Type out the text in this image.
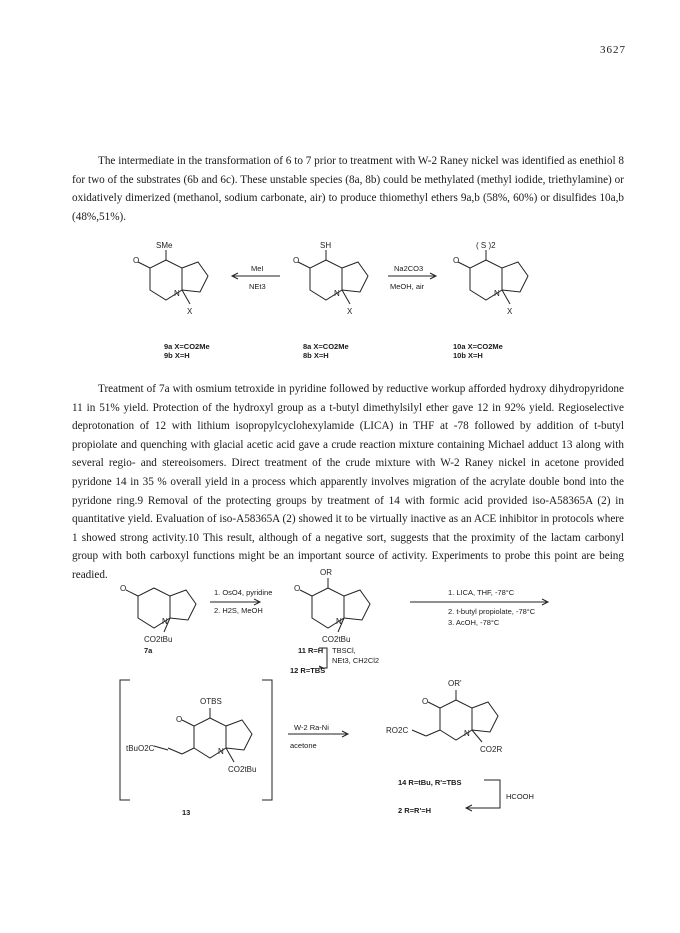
3627

The intermediate in the transformation of 6 to 7 prior to treatment with W-2 Raney nickel was identified as enethiol 8 for two of the substrates (6b and 6c). These unstable species (8a, 8b) could be methylated (methyl iodide, triethylamine) or oxidatively dimerized (methanol, sodium carbonate, air) to produce thiomethyl ethers 9a,b (58%, 60%) or disulfides 10a,b (48%,51%).

O
N
X
SMe
O
N
X
SH
O
N
X
( S )2
MeI
NEt3
Na2CO3
MeOH, air
9a X=CO2Me
9b X=H
8a X=CO2Me
8b X=H
10a X=CO2Me
10b X=H

Treatment of 7a with osmium tetroxide in pyridine followed by reductive workup afforded hydroxy dihydropyridone 11 in 51% yield. Protection of the hydroxyl group as a t-butyl dimethylsilyl ether gave 12 in 92% yield. Regioselective deprotonation of 12 with lithium isopropylcyclohexylamide (LICA) in THF at -78 followed by addition of t-butyl propiolate and quenching with glacial acetic acid gave a crude reaction mixture containing Michael adduct 13 along with several regio- and stereoisomers. Direct treatment of the crude mixture with W-2 Raney nickel in acetone provided pyridone 14 in 35 % overall yield in a process which apparently involves migration of the acrylate double bond into the pyridone ring.9 Removal of the protecting groups by treatment of 14 with formic acid provided iso-A58365A (2) in quantitative yield. Evaluation of iso-A58365A (2) showed it to be virtually inactive as an ACE inhibitor in protocols where 1 showed strong activity.10 This result, although of a negative sort, suggests that the proximity of the lactam carbonyl group with both carboxyl functions might be an important source of activity. Experiments to probe this point are being readied.

O
N
CO2tBu
O
N
OR
CO2tBu
O
N
OTBS
tBuO2C
CO2tBu
O
N
OR'
RO2C
CO2R
1. OsO4, pyridine
2. H2S, MeOH
1. LICA, THF, -78°C
2. t-butyl propiolate, -78°C
3. AcOH, -78°C
TBSCl,
NEt3, CH2Cl2
W-2 Ra-Ni
acetone
HCOOH
7a	11 R=H
12 R=TBS
13
14 R=tBu, R'=TBS
2 R=R'=H
